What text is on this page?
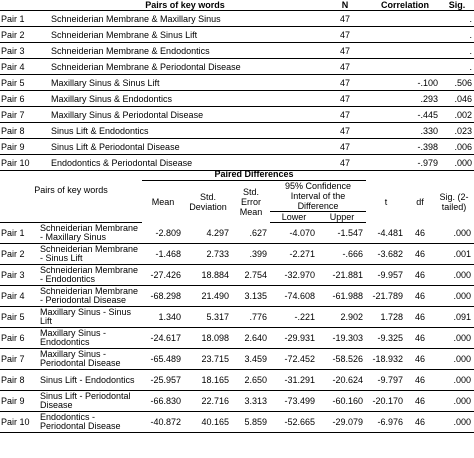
	Pairs of key words	N	Correlation	Sig.
Pair 1	Schneiderian Membrane & Maxillary Sinus	47		.
Pair 2	Schneiderian Membrane & Sinus Lift	47		.
Pair 3	Schneiderian Membrane & Endodontics	47		.
Pair 4	Schneiderian Membrane & Periodontal Disease	47		.
Pair 5	Maxillary Sinus & Sinus Lift	47	-.100	.506
Pair 6	Maxillary Sinus & Endodontics	47	.293	.046
Pair 7	Maxillary Sinus & Periodontal Disease	47	-.445	.002
Pair 8	Sinus Lift & Endodontics	47	.330	.023
Pair 9	Sinus Lift & Periodontal Disease	47	-.398	.006
Pair 10	Endodontics & Periodontal Disease	47	-.979	.000
Pairs of key words		Paired Differences							
		Mean	Std. Deviation	Std. Error Mean	95% Confidence Interval of the Difference		t	df	Sig. (2-tailed)
					Lower	Upper			
Pair 1	Schneiderian Membrane - Maxillary Sinus	-2.809	4.297	.627	-4.070	-1.547	-4.481	46	.000
Pair 2	Schneiderian Membrane - Sinus Lift	-1.468	2.733	.399	-2.271	-.666	-3.682	46	.001
Pair 3	Schneiderian Membrane - Endodontics	-27.426	18.884	2.754	-32.970	-21.881	-9.957	46	.000
Pair 4	Schneiderian Membrane - Periodontal Disease	-68.298	21.490	3.135	-74.608	-61.988	-21.789	46	.000
Pair 5	Maxillary Sinus - Sinus Lift	1.340	5.317	.776	-.221	2.902	1.728	46	.091
Pair 6	Maxillary Sinus - Endodontics	-24.617	18.098	2.640	-29.931	-19.303	-9.325	46	.000
Pair 7	Maxillary Sinus - Periodontal Disease	-65.489	23.715	3.459	-72.452	-58.526	-18.932	46	.000
Pair 8	Sinus Lift - Endodontics	-25.957	18.165	2.650	-31.291	-20.624	-9.797	46	.000
Pair 9	Sinus Lift - Periodontal Disease	-66.830	22.716	3.313	-73.499	-60.160	-20.170	46	.000
Pair 10	Endodontics - Periodontal Disease	-40.872	40.165	5.859	-52.665	-29.079	-6.976	46	.000
